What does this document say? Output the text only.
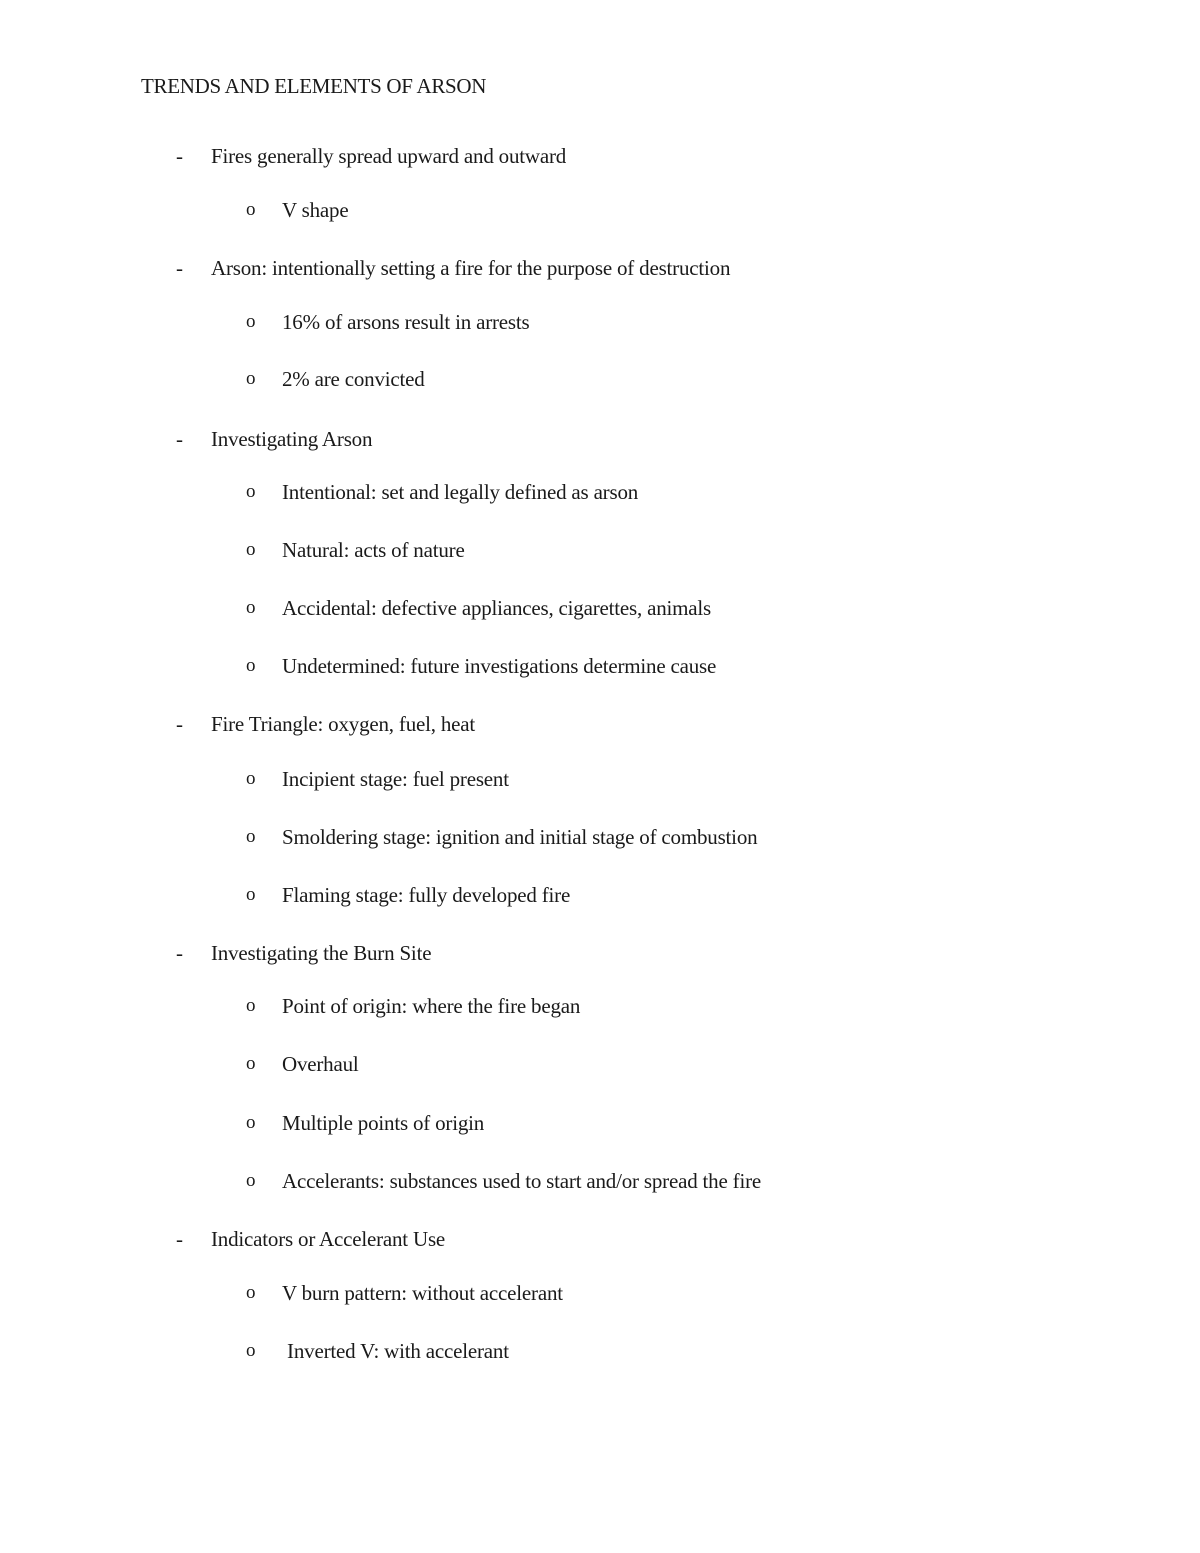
TRENDS AND ELEMENTS OF ARSON
- Fires generally spread upward and outward
o V shape
- Arson: intentionally setting a fire for the purpose of destruction
o 16% of arsons result in arrests
o 2% are convicted
- Investigating Arson
o Intentional: set and legally defined as arson
o Natural: acts of nature
o Accidental: defective appliances, cigarettes, animals
o Undetermined: future investigations determine cause
- Fire Triangle: oxygen, fuel, heat
o Incipient stage: fuel present
o Smoldering stage: ignition and initial stage of combustion
o Flaming stage: fully developed fire
- Investigating the Burn Site
o Point of origin: where the fire began
o Overhaul
o Multiple points of origin
o Accelerants: substances used to start and/or spread the fire
- Indicators or Accelerant Use
o V burn pattern: without accelerant
o Inverted V: with accelerant
